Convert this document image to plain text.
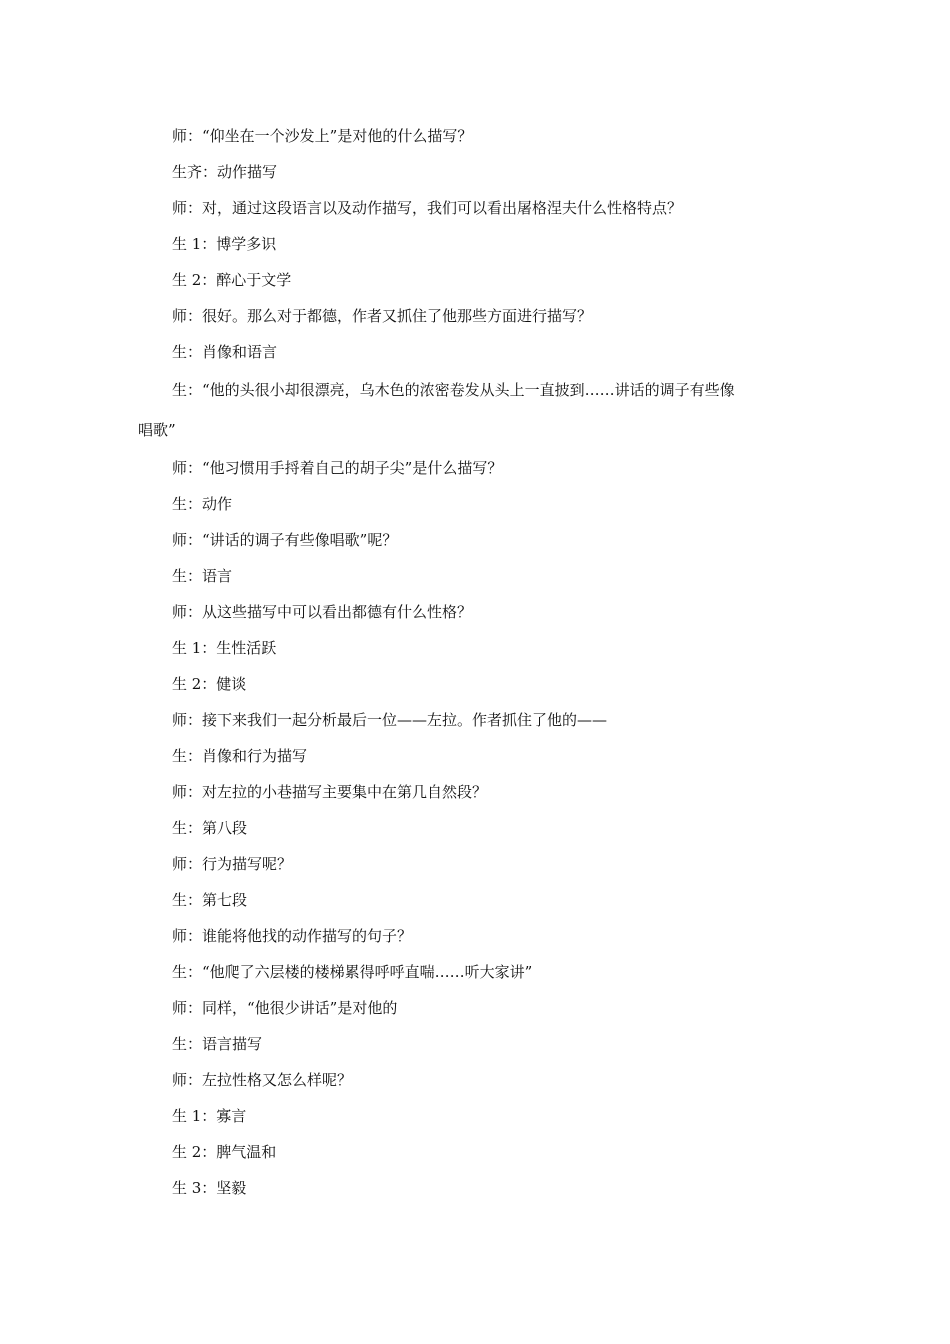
师：“仰坐在一个沙发上”是对他的什么描写？
生齐：动作描写
师：对，通过这段语言以及动作描写，我们可以看出屠格涅夫什么性格特点？
生 1：博学多识
生 2：醉心于文学
师：很好。那么对于都德，作者又抓住了他那些方面进行描写？
生：肖像和语言
生：“他的头很小却很漂亮，乌木色的浓密卷发从头上一直披到……讲话的调子有些像
唱歌”
师：“他习惯用手捋着自己的胡子尖”是什么描写？
生：动作
师：“讲话的调子有些像唱歌”呢？
生：语言
师：从这些描写中可以看出都德有什么性格？
生 1：生性活跃
生 2：健谈
师：接下来我们一起分析最后一位——左拉。作者抓住了他的——
生：肖像和行为描写
师：对左拉的小巷描写主要集中在第几自然段？
生：第八段
师：行为描写呢？
生：第七段
师：谁能将他找的动作描写的句子？
生：“他爬了六层楼的楼梯累得呼呼直喘……听大家讲”
师：同样，“他很少讲话”是对他的
生：语言描写
师：左拉性格又怎么样呢？
生 1：寡言
生 2：脾气温和
生 3：坚毅
